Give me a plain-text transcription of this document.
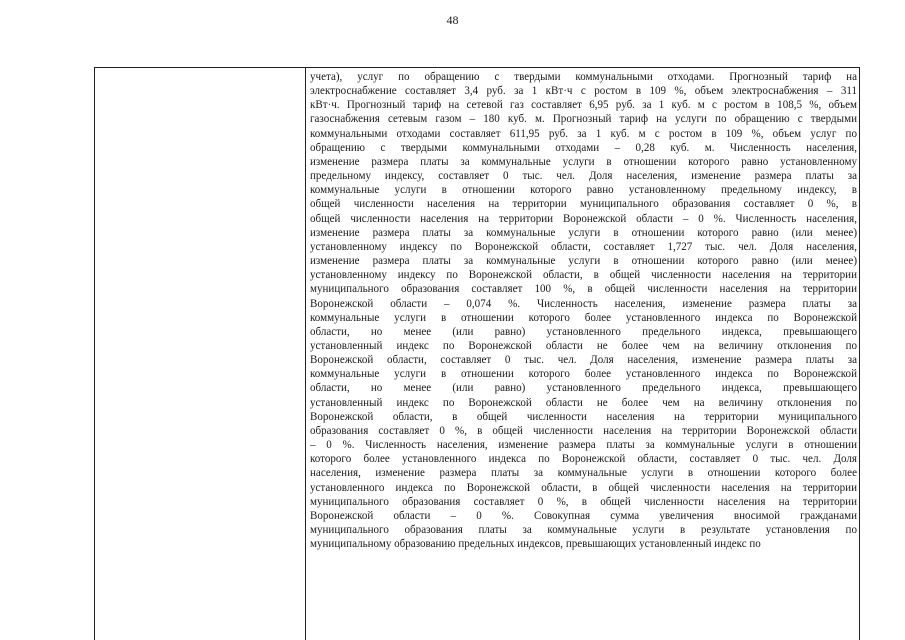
48
учета), услуг по обращению с твердыми коммунальными отходами. Прогнозный тариф на
электроснабжение составляет 3,4 руб. за 1 кВт·ч с ростом в 109 %, объем электроснабжения – 311
кВт·ч. Прогнозный тариф на сетевой газ составляет 6,95 руб. за 1 куб. м с ростом в 108,5 %, объем
газоснабжения сетевым газом – 180 куб. м. Прогнозный тариф на услуги по обращению с твердыми
коммунальными отходами составляет 611,95 руб. за 1 куб. м с ростом в 109 %, объем услуг по
обращению с твердыми коммунальными отходами – 0,28 куб. м. Численность населения,
изменение размера платы за коммунальные услуги в отношении которого равно установленному
предельному индексу, составляет 0 тыс. чел. Доля населения, изменение размера платы за
коммунальные услуги в отношении которого равно установленному предельному индексу, в
общей численности населения на территории муниципального образования составляет 0 %, в
общей численности населения на территории Воронежской области – 0 %. Численность населения,
изменение размера платы за коммунальные услуги в отношении которого равно (или менее)
установленному индексу по Воронежской области, составляет 1,727 тыс. чел. Доля населения,
изменение размера платы за коммунальные услуги в отношении которого равно (или менее)
установленному индексу по Воронежской области, в общей численности населения на территории
муниципального образования составляет 100 %, в общей численности населения на территории
Воронежской области – 0,074 %. Численность населения, изменение размера платы за
коммунальные услуги в отношении которого более установленного индекса по Воронежской
области, но менее (или равно) установленного предельного индекса, превышающего
установленный индекс по Воронежской области не более чем на величину отклонения по
Воронежской области, составляет 0 тыс. чел. Доля населения, изменение размера платы за
коммунальные услуги в отношении которого более установленного индекса по Воронежской
области, но менее (или равно) установленного предельного индекса, превышающего
установленный индекс по Воронежской области не более чем на величину отклонения по
Воронежской области, в общей численности населения на территории муниципального
образования составляет 0 %, в общей численности населения на территории Воронежской области
– 0 %. Численность населения, изменение размера платы за коммунальные услуги в отношении
которого более установленного индекса по Воронежской области, составляет 0 тыс. чел. Доля
населения, изменение размера платы за коммунальные услуги в отношении которого более
установленного индекса по Воронежской области, в общей численности населения на территории
муниципального образования составляет 0 %, в общей численности населения на территории
Воронежской области – 0 %. Совокупная сумма увеличения вносимой гражданами
муниципального образования платы за коммунальные услуги в результате установления по
муниципальному образованию предельных индексов, превышающих установленный индекс по
